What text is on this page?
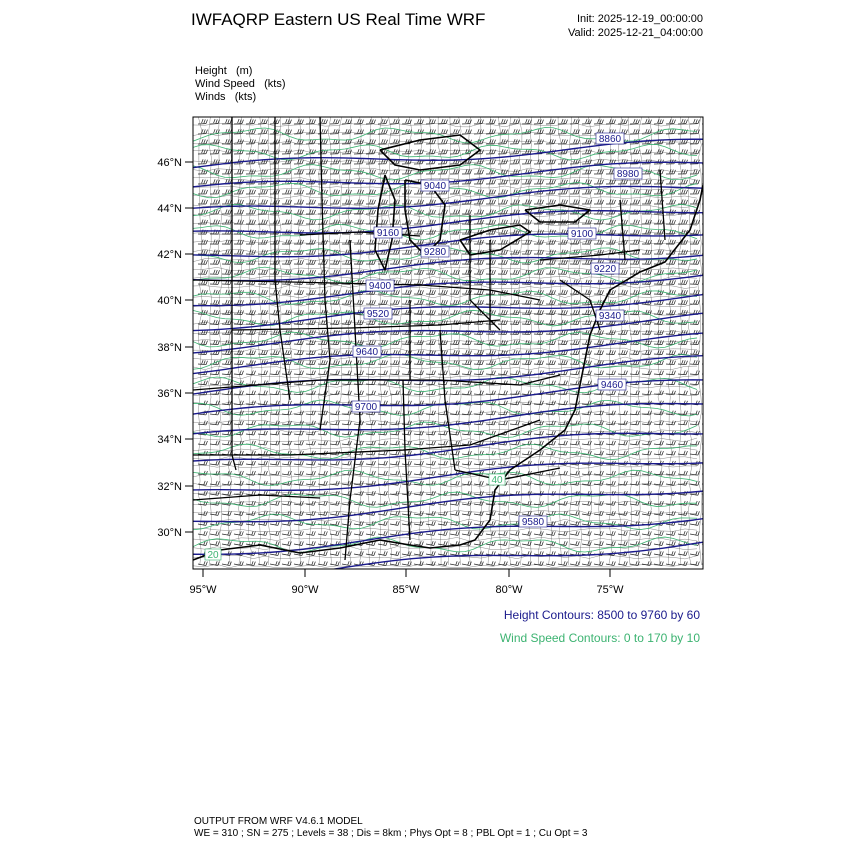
IWFAQRP Eastern US Real Time WRF	Init: 2025-12-19_00:00:00
Valid: 2025-12-21_04:00:00
Height (m)
Wind Speed (kts)
Winds (kts)
30°N
32°N
34°N
36°N
38°N
40°N
42°N
44°N
46°N
95°W	90°W	85°W	80°W	75°W
8860
8980
9100
9220
9340
9460
9580
9040
9160
9280
9400
9520
9640
9700
40
20
Height Contours: 8500 to 9760 by 60
Wind Speed Contours: 0 to 170 by 10
OUTPUT FROM WRF V4.6.1 MODEL
WE = 310 ; SN = 275 ; Levels = 38 ; Dis = 8km ; Phys Opt = 8 ; PBL Opt = 1 ; Cu Opt = 3
